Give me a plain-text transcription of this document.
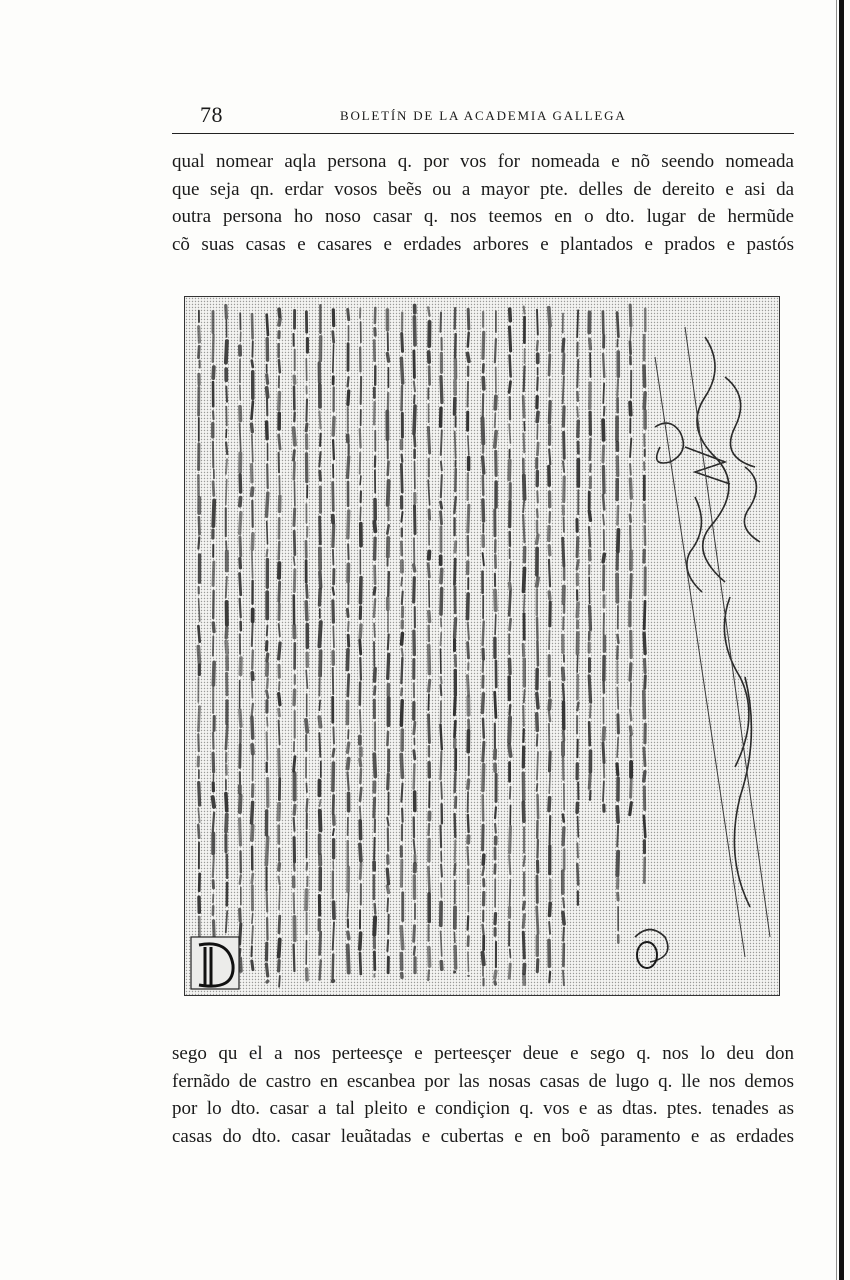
78	BOLETÍN DE LA ACADEMIA GALLEGA
qual nomear aqla persona q. por vos for nomeada e nõ seendo nomeada
que seja qn. erdar vosos beẽs ou a mayor pte. delles de dereito e asi da
outra persona ho noso casar q. nos teemos en o dto. lugar de hermũde
cõ suas casas e casares e erdades arbores e plantados e prados e pastós
sego qu el a nos perteesçe e perteesçer deue e sego q. nos lo deu don
fernãdo de castro en escanbea por las nosas casas de lugo q. lle nos demos
por lo dto. casar a tal pleito e condiçion q. vos e as dtas. ptes. tenades as
casas do dto. casar leuãtadas e cubertas e en boõ paramento e as erdades
